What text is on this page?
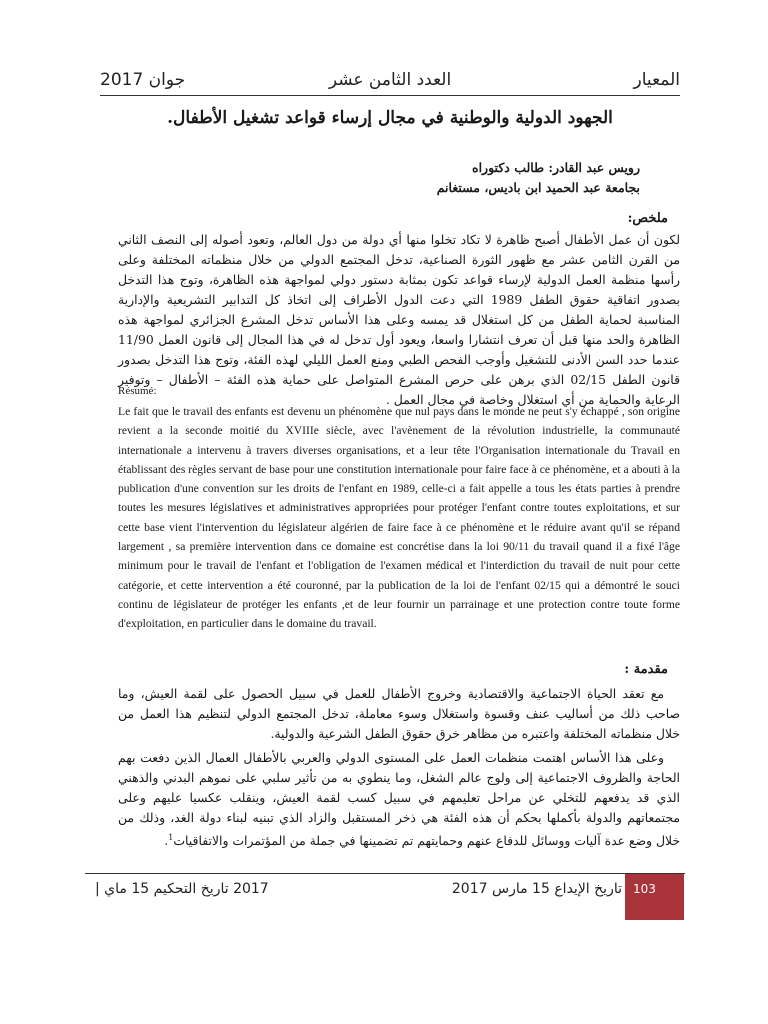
جوان 2017	العدد الثامن عشر	المعيار
الجهود الدولية والوطنية في مجال إرساء قواعد تشغيل الأطفال.
رويس عبد القادر: طالب دكتوراه
بجامعة عبد الحميد ابن باديس، مستغانم
ملخص:

لكون أن عمل الأطفال أصبح ظاهرة لا تكاد تخلوا منها أي دولة من دول العالم، وتعود أصوله إلى النصف الثاني من القرن الثامن عشر مع ظهور الثورة الصناعية، تدخل المجتمع الدولي من خلال منظماته المختلفة وعلى رأسها منظمة العمل الدولية لإرساء قواعد تكون بمثابة دستور دولي لمواجهة هذه الظاهرة، وتوج هذا التدخل بصدور اتفاقية حقوق الطفل 1989 التي دعت الدول الأطراف إلى اتخاذ كل التدابير التشريعية والإدارية المناسبة لحماية الطفل من كل استغلال قد يمسه وعلى هذا الأساس تدخل المشرع الجزائري لمواجهة هذه الظاهرة والحد منها قبل أن تعرف انتشارا واسعا، ويعود أول تدخل له في هذا المجال إلى قانون العمل 11/90 عندما حدد السن الأدنى للتشغيل وأوجب الفحص الطبي ومنع العمل الليلي لهذه الفئة، وتوج هذا التدخل بصدور قانون الطفل 02/15 الذي برهن على حرص المشرع المتواصل على حماية هذه الفئة – الأطفال – وتوفير الرعاية والحماية من أي استغلال وخاصة في مجال العمل .

Résumé:

Le fait que le travail des enfants est devenu un phénomène que nul pays dans le monde ne peut s'y échappé , son origine revient a la seconde moitié du XVIIIe siècle, avec l'avènement de la révolution industrielle, la communauté internationale a intervenu à travers diverses organisations, et a leur tête l'Organisation internationale du Travail en établissant des règles servant de base pour une constitution internationale pour faire face à ce phénomène, et a abouti à la publication d'une convention sur les droits de l'enfant en 1989, celle-ci a fait appelle a tous les états parties à prendre toutes les mesures législatives et administratives appropriées pour protéger l'enfant contre toutes exploitations, et sur cette base vient l'intervention du législateur algérien de faire face à ce phénomène et le réduire avant qu'il se répand largement , sa première intervention dans ce domaine est concrétise dans la loi 90/11 du travail quand il a fixé l'âge minimum pour le travail de l'enfant et l'obligation de l'examen médical et l'interdiction du travail de nuit pour cette catégorie, et cette intervention a été couronné, par la publication de la loi de l'enfant 02/15 qui a démontré le souci continu de législateur de protéger les enfants ,et de leur fournir un parrainage et une protection contre toute forme d'exploitation, en particulier dans le domaine du travail.

مقدمة :

مع تعقد الحياة الاجتماعية والاقتصادية وخروج الأطفال للعمل في سبيل الحصول على لقمة العيش، وما صاحب ذلك من أساليب عنف وقسوة واستغلال وسوء معاملة، تدخل المجتمع الدولي لتنظيم هذا العمل من خلال منظماته المختلفة واعتبره من مظاهر خرق حقوق الطفل الشرعية والدولية.

وعلى هذا الأساس اهتمت منظمات العمل على المستوى الدولي والعربي بالأطفال العمال الذين دفعت بهم الحاجة والظروف الاجتماعية إلى ولوج عالم الشغل، وما ينطوي به من تأثير سلبي على نموهم البدني والذهني الذي قد يدفعهم للتخلي عن مراحل تعليمهم في سبيل كسب لقمة العيش، وينقلب عكسيا عليهم وعلى مجتمعاتهم والدولة بأكملها بحكم أن هذه الفئة هي ذخر المستقبل والزاد الذي تبنيه لبناء دولة الغد، وذلك من خلال وضع عدة آليات ووسائل للدفاع عنهم وحمايتهم تم تضمينها في جملة من المؤتمرات والاتفاقيات$^1$.

2017 تاريخ التحكيم 15 ماي |	تاريخ الإيداع 15 مارس 2017 103
